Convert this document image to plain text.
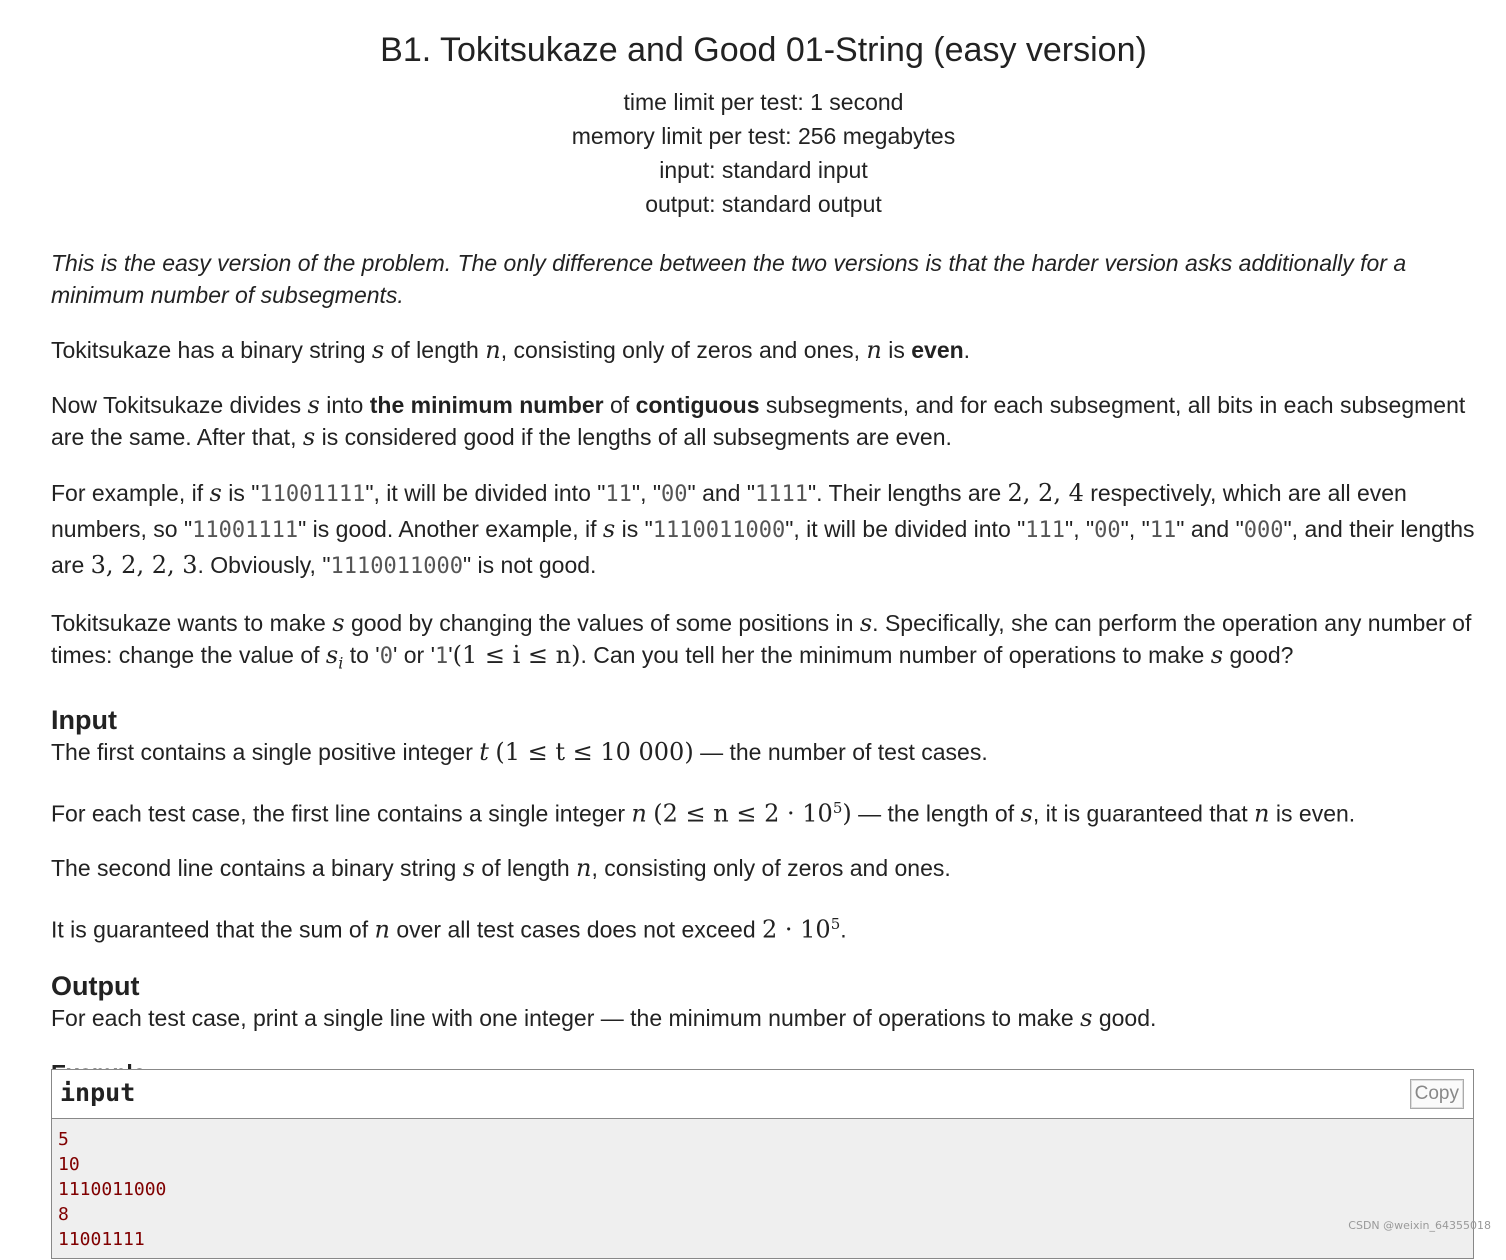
B1. Tokitsukaze and Good 01-String (easy version)
time limit per test: 1 second
memory limit per test: 256 megabytes
input: standard input
output: standard output

This is the easy version of the problem. The only difference between the two versions is that the harder version asks additionally for a minimum number of subsegments.

Tokitsukaze has a binary string s of length n, consisting only of zeros and ones, n is even.

Now Tokitsukaze divides s into the minimum number of contiguous subsegments, and for each subsegment, all bits in each subsegment are the same. After that, s is considered good if the lengths of all subsegments are even.

For example, if s is "11001111", it will be divided into "11", "00" and "1111". Their lengths are 2, 2, 4 respectively, which are all even numbers, so "11001111" is good. Another example, if s is "1110011000", it will be divided into "111", "00", "11" and "000", and their lengths are 3, 2, 2, 3. Obviously, "1110011000" is not good.

Tokitsukaze wants to make s good by changing the values of some positions in s. Specifically, she can perform the operation any number of times: change the value of $s_i$ to '0' or '1'(1 ≤ i ≤ n). Can you tell her the minimum number of operations to make s good?

Input

The first contains a single positive integer t (1 ≤ t ≤ 10 000) — the number of test cases.

For each test case, the first line contains a single integer n $(2 \le n \le 2 \cdot 10^5)$ — the length of s, it is guaranteed that n is even.

The second line contains a binary string s of length n, consisting only of zeros and ones.

It is guaranteed that the sum of n over all test cases does not exceed $2 \cdot 10^5$.

Output

For each test case, print a single line with one integer — the minimum number of operations to make s good.

input	Copy

5

10

1110011000

8

11001111

CSDN @weixin_64355018
